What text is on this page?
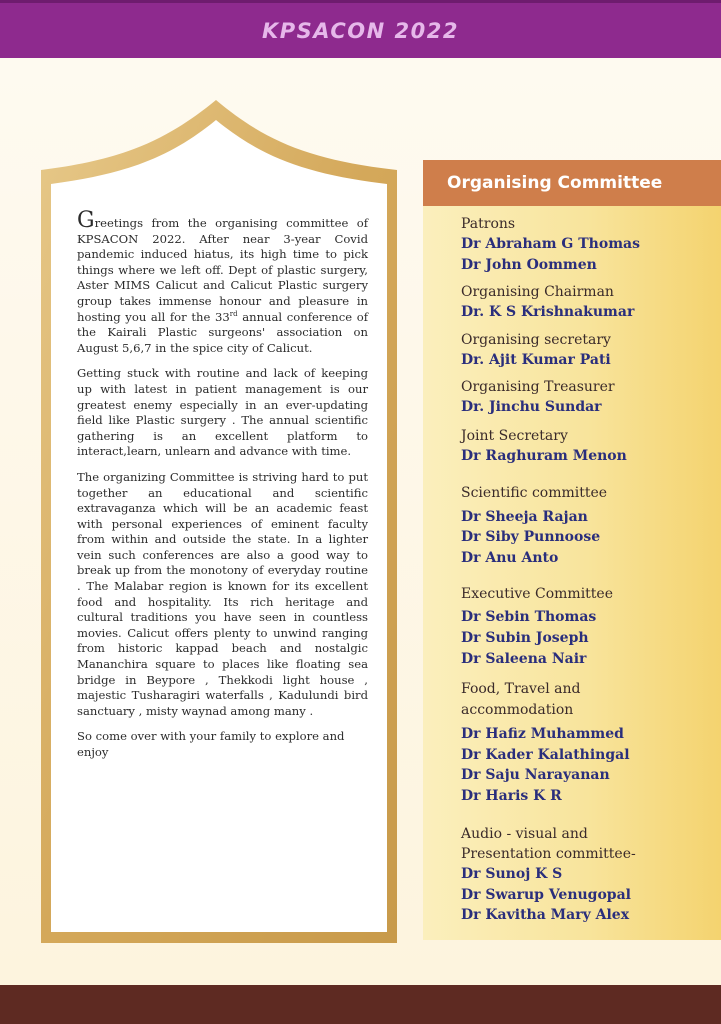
KPSACON 2022

Greetings from the organising committee of KPSACON 2022. After near 3-year Covid pandemic induced hiatus, its high time to pick things where we left off. Dept of plastic surgery, Aster MIMS Calicut and Calicut Plastic surgery group takes immense honour and pleasure in hosting you all for the 33rd annual conference of the Kairali Plastic surgeons' association on August 5,6,7 in the spice city of Calicut.

Getting stuck with routine and lack of keeping up with latest in patient management is our greatest enemy especially in an ever-updating field like Plastic surgery . The annual scientific gathering is an excellent platform to interact,learn, unlearn and advance with time.

The organizing Committee is striving hard to put together an educational and scientific extravaganza which will be an academic feast with personal experiences of eminent faculty from within and outside the state. In a lighter vein such conferences are also a good way to break up from the monotony of everyday routine . The Malabar region is known for its excellent food and hospitality. Its rich heritage and cultural traditions you have seen in countless movies. Calicut offers plenty to unwind ranging from historic kappad beach and nostalgic Mananchira square to places like floating sea bridge in Beypore , Thekkodi light house , majestic Tusharagiri waterfalls , Kadulundi bird sanctuary , misty waynad among many .

So come over with your family to explore and enjoy

Organising Committee
Patrons
Dr Abraham G Thomas
Dr John Oommen
Organising Chairman
Dr. K S Krishnakumar
Organising secretary
Dr. Ajit Kumar Pati
Organising Treasurer
Dr. Jinchu Sundar
Joint Secretary
Dr Raghuram Menon
Scientific committee
Dr Sheeja Rajan
Dr Siby Punnoose
Dr Anu Anto
Executive Committee
Dr Sebin Thomas
Dr Subin Joseph
Dr Saleena Nair
Food, Travel and
accommodation
Dr Hafiz Muhammed
Dr Kader Kalathingal
Dr Saju Narayanan
Dr Haris K R
Audio - visual and
Presentation committee-
Dr Sunoj K S
Dr Swarup Venugopal
Dr Kavitha Mary Alex
